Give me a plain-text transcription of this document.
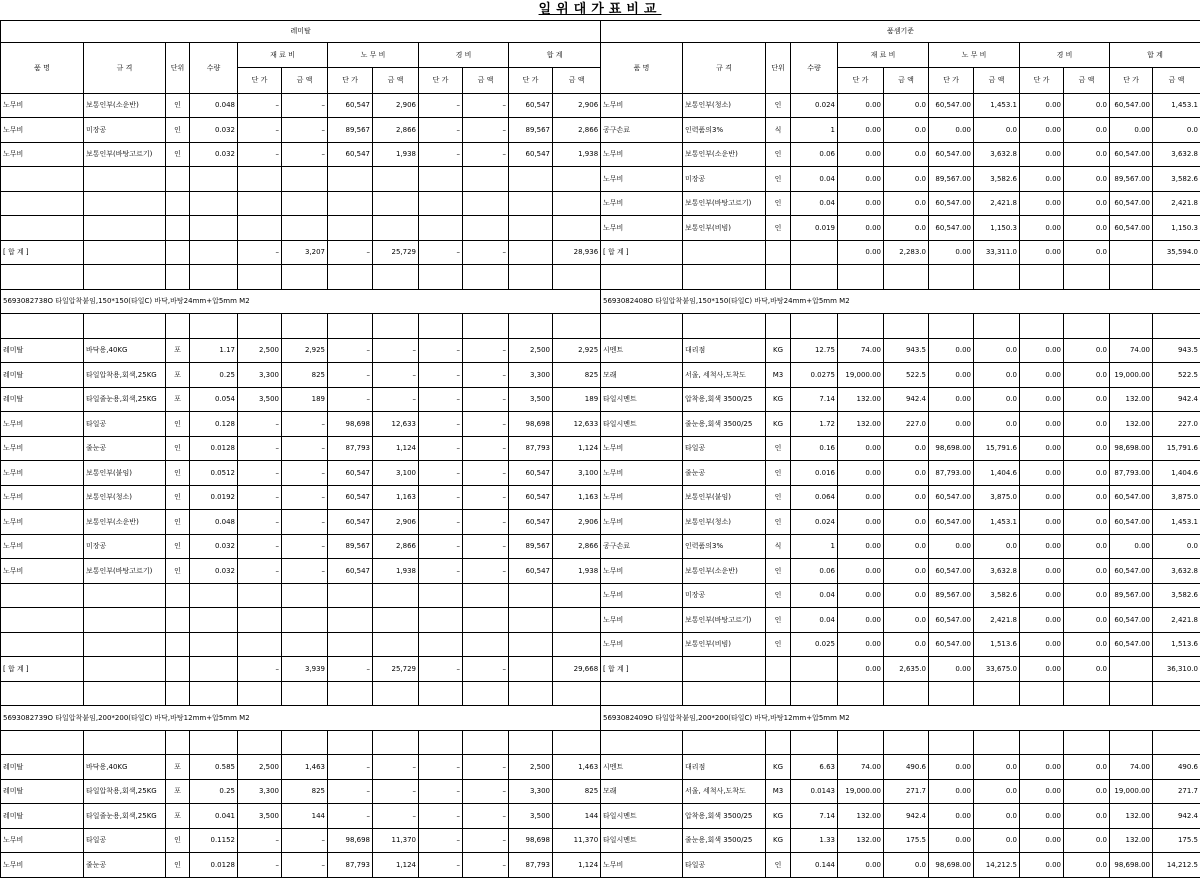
일위대가표비교
레미탈											
품 명	규 격	단위	수량	재 료 비		노 무 비		경 비		합 계	
				단 가	금 액	단 가	금 액	단 가	금 액	단 가	금 액
노무비	보통인부(소운반)	인	0.048	–	–	60,547	2,906	–	–	60,547	2,906
노무비	미장공	인	0.032	–	–	89,567	2,866	–	–	89,567	2,866
노무비	보통인부(바탕고르기)	인	0.032	–	–	60,547	1,938	–	–	60,547	1,938

[ 합 계 ]				–	3,207	–	25,729	–	–		28,936

5693082738O 타일압착붙임,150*150(타일C) 바닥,바탕24mm+압5mm M2											

레미탈	바닥용,40KG	포	1.17	2,500	2,925	–	–	–	–	2,500	2,925
레미탈	타일압착용,회색,25KG	포	0.25	3,300	825	–	–	–	–	3,300	825
레미탈	타일줄눈용,회색,25KG	포	0.054	3,500	189	–	–	–	–	3,500	189
노무비	타일공	인	0.128	–	–	98,698	12,633	–	–	98,698	12,633
노무비	줄눈공	인	0.0128	–	–	87,793	1,124	–	–	87,793	1,124
노무비	보통인부(붙임)	인	0.0512	–	–	60,547	3,100	–	–	60,547	3,100
노무비	보통인부(청소)	인	0.0192	–	–	60,547	1,163	–	–	60,547	1,163
노무비	보통인부(소운반)	인	0.048	–	–	60,547	2,906	–	–	60,547	2,906
노무비	미장공	인	0.032	–	–	89,567	2,866	–	–	89,567	2,866
노무비	보통인부(바탕고르기)	인	0.032	–	–	60,547	1,938	–	–	60,547	1,938

[ 합 계 ]				–	3,939	–	25,729	–	–		29,668

5693082739O 타일압착붙임,200*200(타일C) 바닥,바탕12mm+압5mm M2											

레미탈	바닥용,40KG	포	0.585	2,500	1,463	–	–	–	–	2,500	1,463
레미탈	타일압착용,회색,25KG	포	0.25	3,300	825	–	–	–	–	3,300	825
레미탈	타일줄눈용,회색,25KG	포	0.041	3,500	144	–	–	–	–	3,500	144
노무비	타일공	인	0.1152	–	–	98,698	11,370	–	–	98,698	11,370
노무비	줄눈공	인	0.0128	–	–	87,793	1,124	–	–	87,793	1,124
품셈기준											
품 명	규 격	단위	수량	재 료 비		노 무 비		경 비		합 계	
				단 가	금 액	단 가	금 액	단 가	금 액	단 가	금 액
노무비	보통인부(청소)	인	0.024	0.00	0.0	60,547.00	1,453.1	0.00	0.0	60,547.00	1,453.1
공구손료	인력품의3%	식	1	0.00	0.0	0.00	0.0	0.00	0.0	0.00	0.0
노무비	보통인부(소운반)	인	0.06	0.00	0.0	60,547.00	3,632.8	0.00	0.0	60,547.00	3,632.8
노무비	미장공	인	0.04	0.00	0.0	89,567.00	3,582.6	0.00	0.0	89,567.00	3,582.6
노무비	보통인부(바탕고르기)	인	0.04	0.00	0.0	60,547.00	2,421.8	0.00	0.0	60,547.00	2,421.8
노무비	보통인부(비빔)	인	0.019	0.00	0.0	60,547.00	1,150.3	0.00	0.0	60,547.00	1,150.3
[ 합 계 ]				0.00	2,283.0	0.00	33,311.0	0.00	0.0		35,594.0

5693082408O 타일압착붙임,150*150(타일C) 바닥,바탕24mm+압5mm M2											

시멘트	대리점	KG	12.75	74.00	943.5	0.00	0.0	0.00	0.0	74.00	943.5
모래	서울, 세척사,도착도	M3	0.0275	19,000.00	522.5	0.00	0.0	0.00	0.0	19,000.00	522.5
타일시멘트	압착용,회색 3500/25	KG	7.14	132.00	942.4	0.00	0.0	0.00	0.0	132.00	942.4
타일시멘트	줄눈용,회색 3500/25	KG	1.72	132.00	227.0	0.00	0.0	0.00	0.0	132.00	227.0
노무비	타일공	인	0.16	0.00	0.0	98,698.00	15,791.6	0.00	0.0	98,698.00	15,791.6
노무비	줄눈공	인	0.016	0.00	0.0	87,793.00	1,404.6	0.00	0.0	87,793.00	1,404.6
노무비	보통인부(붙임)	인	0.064	0.00	0.0	60,547.00	3,875.0	0.00	0.0	60,547.00	3,875.0
노무비	보통인부(청소)	인	0.024	0.00	0.0	60,547.00	1,453.1	0.00	0.0	60,547.00	1,453.1
공구손료	인력품의3%	식	1	0.00	0.0	0.00	0.0	0.00	0.0	0.00	0.0
노무비	보통인부(소운반)	인	0.06	0.00	0.0	60,547.00	3,632.8	0.00	0.0	60,547.00	3,632.8
노무비	미장공	인	0.04	0.00	0.0	89,567.00	3,582.6	0.00	0.0	89,567.00	3,582.6
노무비	보통인부(바탕고르기)	인	0.04	0.00	0.0	60,547.00	2,421.8	0.00	0.0	60,547.00	2,421.8
노무비	보통인부(비빔)	인	0.025	0.00	0.0	60,547.00	1,513.6	0.00	0.0	60,547.00	1,513.6
[ 합 계 ]				0.00	2,635.0	0.00	33,675.0	0.00	0.0		36,310.0

5693082409O 타일압착붙임,200*200(타일C) 바닥,바탕12mm+압5mm M2											

시멘트	대리점	KG	6.63	74.00	490.6	0.00	0.0	0.00	0.0	74.00	490.6
모래	서울, 세척사,도착도	M3	0.0143	19,000.00	271.7	0.00	0.0	0.00	0.0	19,000.00	271.7
타일시멘트	압착용,회색 3500/25	KG	7.14	132.00	942.4	0.00	0.0	0.00	0.0	132.00	942.4
타일시멘트	줄눈용,회색 3500/25	KG	1.33	132.00	175.5	0.00	0.0	0.00	0.0	132.00	175.5
노무비	타일공	인	0.144	0.00	0.0	98,698.00	14,212.5	0.00	0.0	98,698.00	14,212.5
